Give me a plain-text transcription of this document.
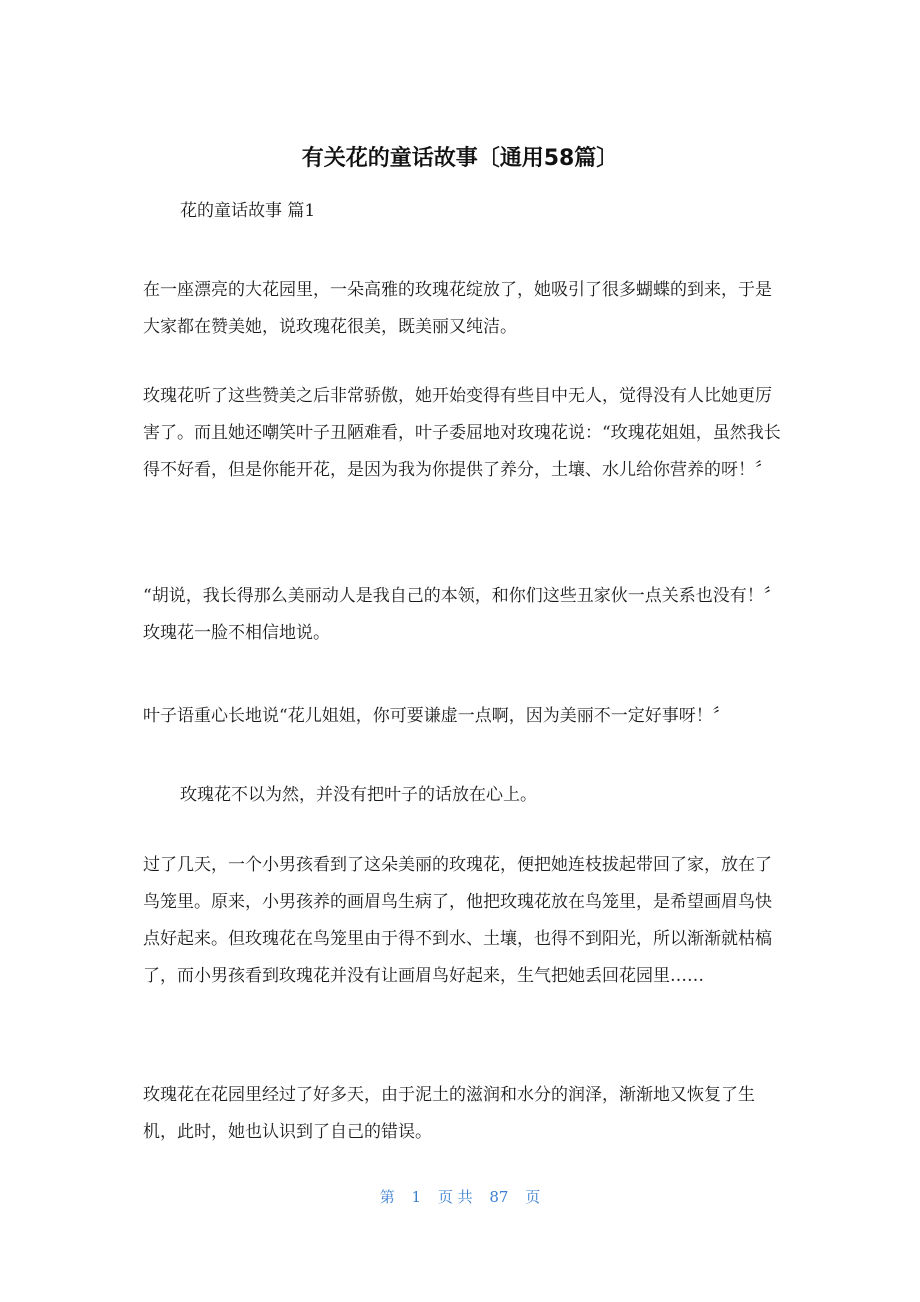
有关花的童话故事〔通用58篇〕
花的童话故事 篇1

在一座漂亮的大花园里，一朵高雅的玫瑰花绽放了，她吸引了很多蝴蝶的到来，于是大家都在赞美她，说玫瑰花很美，既美丽又纯洁。

玫瑰花听了这些赞美之后非常骄傲，她开始变得有些目中无人，觉得没有人比她更厉害了。而且她还嘲笑叶子丑陋难看，叶子委屈地对玫瑰花说：“玫瑰花姐姐，虽然我长得不好看，但是你能开花，是因为我为你提供了养分，土壤、水儿给你营养的呀！〞

“胡说，我长得那么美丽动人是我自己的本领，和你们这些丑家伙一点关系也没有！〞玫瑰花一脸不相信地说。

叶子语重心长地说“花儿姐姐，你可要谦虚一点啊，因为美丽不一定好事呀！〞

玫瑰花不以为然，并没有把叶子的话放在心上。

过了几天，一个小男孩看到了这朵美丽的玫瑰花，便把她连枝拔起带回了家，放在了鸟笼里。原来，小男孩养的画眉鸟生病了，他把玫瑰花放在鸟笼里，是希望画眉鸟快点好起来。但玫瑰花在鸟笼里由于得不到水、土壤，也得不到阳光，所以渐渐就枯槁了，而小男孩看到玫瑰花并没有让画眉鸟好起来，生气把她丢回花园里……

玫瑰花在花园里经过了好多天，由于泥土的滋润和水分的润泽，渐渐地又恢复了生机，此时，她也认识到了自己的错误。

第 1 页 共 87 页
